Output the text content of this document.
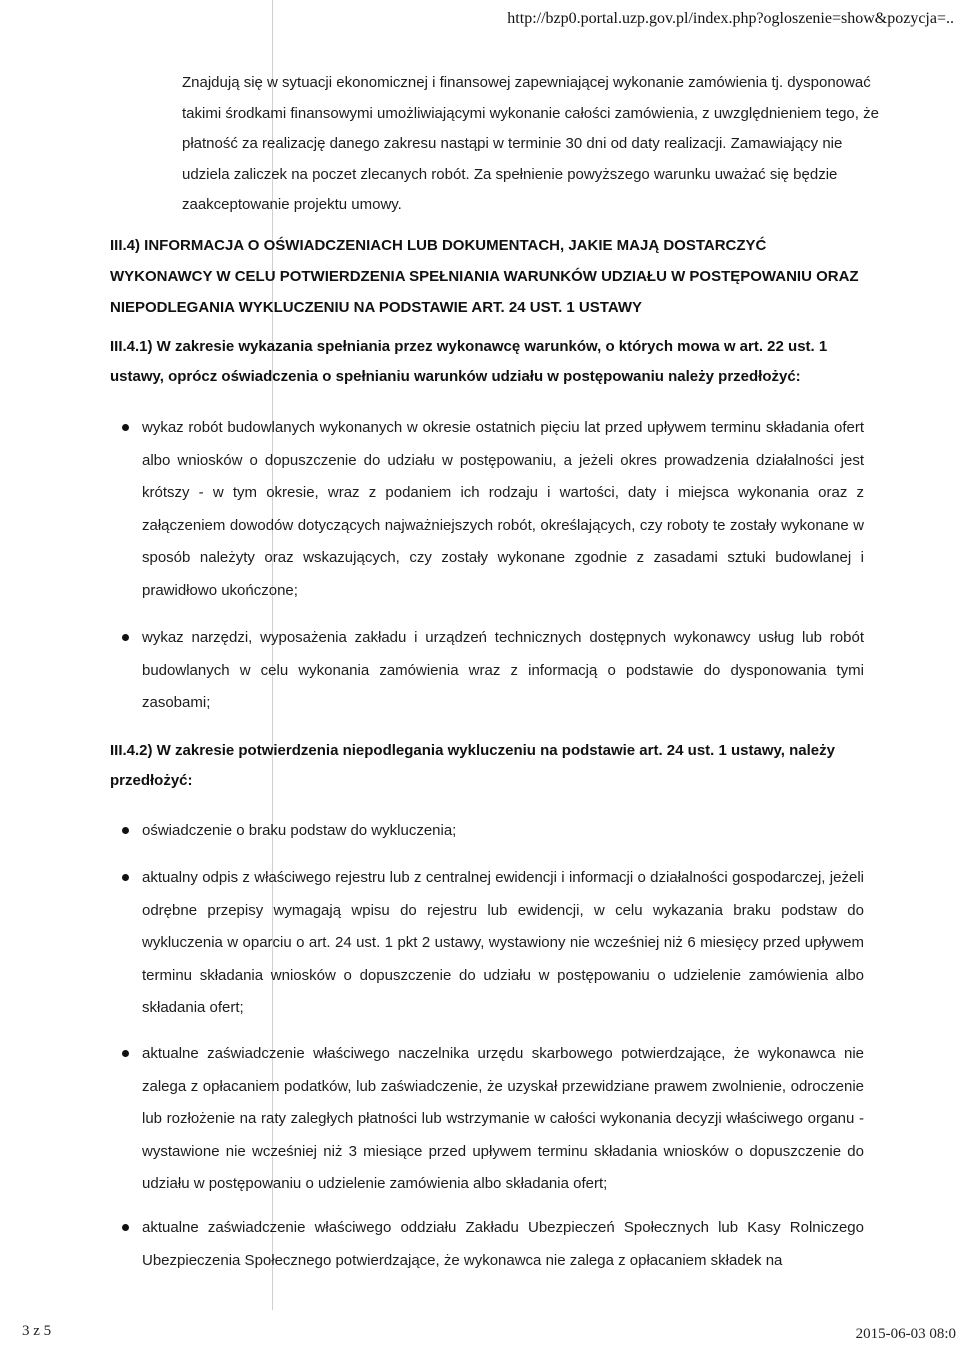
http://bzp0.portal.uzp.gov.pl/index.php?ogloszenie=show&pozycja=..
Znajdują się w sytuacji ekonomicznej i finansowej zapewniającej wykonanie zamówienia tj. dysponować takimi środkami finansowymi umożliwiającymi wykonanie całości zamówienia, z uwzględnieniem tego, że płatność za realizację danego zakresu nastąpi w terminie 30 dni od daty realizacji. Zamawiający nie udziela zaliczek na poczet zlecanych robót. Za spełnienie powyższego warunku uważać się będzie zaakceptowanie projektu umowy.
III.4) INFORMACJA O OŚWIADCZENIACH LUB DOKUMENTACH, JAKIE MAJĄ DOSTARCZYĆ WYKONAWCY W CELU POTWIERDZENIA SPEŁNIANIA WARUNKÓW UDZIAŁU W POSTĘPOWANIU ORAZ NIEPODLEGANIA WYKLUCZENIU NA PODSTAWIE ART. 24 UST. 1 USTAWY
III.4.1) W zakresie wykazania spełniania przez wykonawcę warunków, o których mowa w art. 22 ust. 1 ustawy, oprócz oświadczenia o spełnianiu warunków udziału w postępowaniu należy przedłożyć:
wykaz robót budowlanych wykonanych w okresie ostatnich pięciu lat przed upływem terminu składania ofert albo wniosków o dopuszczenie do udziału w postępowaniu, a jeżeli okres prowadzenia działalności jest krótszy - w tym okresie, wraz z podaniem ich rodzaju i wartości, daty i miejsca wykonania oraz z załączeniem dowodów dotyczących najważniejszych robót, określających, czy roboty te zostały wykonane w sposób należyty oraz wskazujących, czy zostały wykonane zgodnie z zasadami sztuki budowlanej i prawidłowo ukończone;
wykaz narzędzi, wyposażenia zakładu i urządzeń technicznych dostępnych wykonawcy usług lub robót budowlanych w celu wykonania zamówienia wraz z informacją o podstawie do dysponowania tymi zasobami;
III.4.2) W zakresie potwierdzenia niepodlegania wykluczeniu na podstawie art. 24 ust. 1 ustawy, należy przedłożyć:
oświadczenie o braku podstaw do wykluczenia;
aktualny odpis z właściwego rejestru lub z centralnej ewidencji i informacji o działalności gospodarczej, jeżeli odrębne przepisy wymagają wpisu do rejestru lub ewidencji, w celu wykazania braku podstaw do wykluczenia w oparciu o art. 24 ust. 1 pkt 2 ustawy, wystawiony nie wcześniej niż 6 miesięcy przed upływem terminu składania wniosków o dopuszczenie do udziału w postępowaniu o udzielenie zamówienia albo składania ofert;
aktualne zaświadczenie właściwego naczelnika urzędu skarbowego potwierdzające, że wykonawca nie zalega z opłacaniem podatków, lub zaświadczenie, że uzyskał przewidziane prawem zwolnienie, odroczenie lub rozłożenie na raty zaległych płatności lub wstrzymanie w całości wykonania decyzji właściwego organu - wystawione nie wcześniej niż 3 miesiące przed upływem terminu składania wniosków o dopuszczenie do udziału w postępowaniu o udzielenie zamówienia albo składania ofert;
aktualne zaświadczenie właściwego oddziału Zakładu Ubezpieczeń Społecznych lub Kasy Rolniczego Ubezpieczenia Społecznego potwierdzające, że wykonawca nie zalega z opłacaniem składek na
3 z 5	2015-06-03 08:0
